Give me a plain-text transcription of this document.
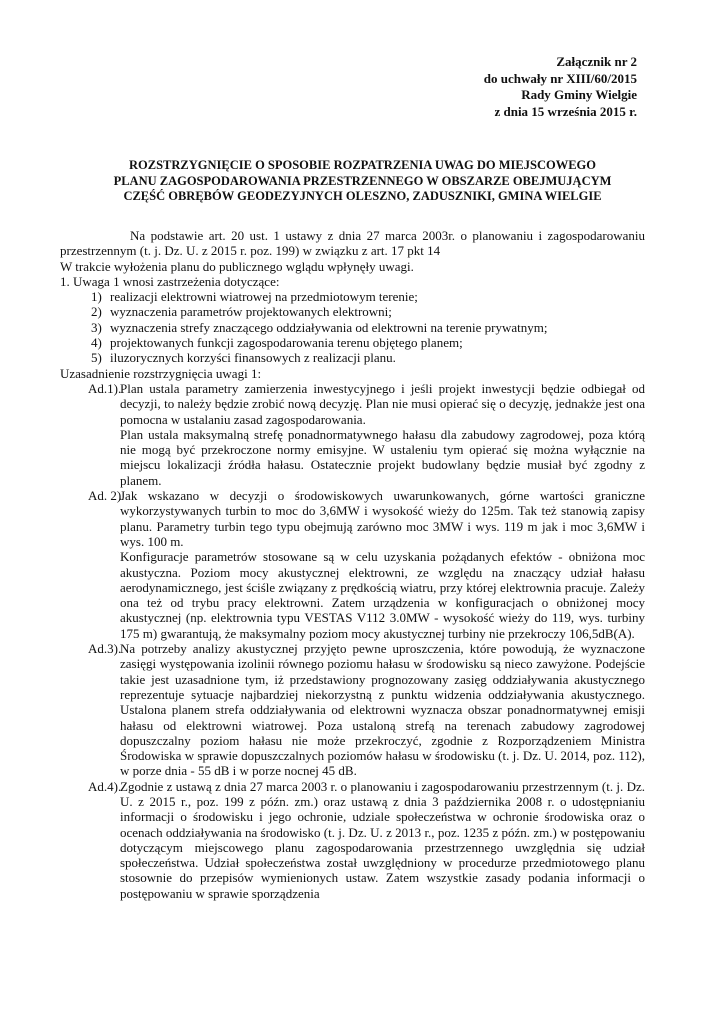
Załącznik nr 2
do uchwały nr XIII/60/2015
Rady Gminy Wielgie
z dnia 15 września 2015 r.
ROZSTRZYGNIĘCIE O SPOSOBIE ROZPATRZENIA UWAG DO MIEJSCOWEGO
PLANU ZAGOSPODAROWANIA PRZESTRZENNEGO W OBSZARZE OBEJMUJĄCYM
CZĘŚĆ OBRĘBÓW GEODEZYJNYCH OLESZNO, ZADUSZNIKI, GMINA WIELGIE

Na podstawie art. 20 ust. 1 ustawy z dnia 27 marca 2003r. o planowaniu i zagospodarowaniu przestrzennym (t. j. Dz. U. z 2015 r. poz. 199) w związku z art. 17 pkt 14

W trakcie wyłożenia planu do publicznego wglądu wpłynęły uwagi.

1. Uwaga 1 wnosi zastrzeżenia dotyczące:

1) realizacji elektrowni wiatrowej na przedmiotowym terenie;
2) wyznaczenia parametrów projektowanych elektrowni;
3) wyznaczenia strefy znaczącego oddziaływania od elektrowni na terenie prywatnym;
4) projektowanych funkcji zagospodarowania terenu objętego planem;
5) iluzorycznych korzyści finansowych z realizacji planu.

Uzasadnienie rozstrzygnięcia uwagi 1:

Ad.1).

Plan ustala parametry zamierzenia inwestycyjnego i jeśli projekt inwestycji będzie odbiegał od decyzji, to należy będzie zrobić nową decyzję. Plan nie musi opierać się o decyzję, jednakże jest ona pomocna w ustalaniu zasad zagospodarowania.

Plan ustala maksymalną strefę ponadnormatywnego hałasu dla zabudowy zagrodowej, poza którą nie mogą być przekroczone normy emisyjne. W ustaleniu tym opierać się można wyłącznie na miejscu lokalizacji źródła hałasu. Ostatecznie projekt budowlany będzie musiał być zgodny z planem.

Ad. 2).

Jak wskazano w decyzji o środowiskowych uwarunkowanych, górne wartości graniczne wykorzystywanych turbin to moc do 3,6MW i wysokość wieży do 125m. Tak też stanowią zapisy planu. Parametry turbin tego typu obejmują zarówno moc 3MW i wys. 119 m jak i moc 3,6MW i wys. 100 m.

Konfiguracje parametrów stosowane są w celu uzyskania pożądanych efektów - obniżona moc akustyczna. Poziom mocy akustycznej elektrowni, ze względu na znaczący udział hałasu aerodynamicznego, jest ściśle związany z prędkością wiatru, przy której elektrownia pracuje. Zależy ona też od trybu pracy elektrowni. Zatem urządzenia w konfiguracjach o obniżonej mocy akustycznej (np. elektrownia typu VESTAS V112 3.0MW - wysokość wieży do 119, wys. turbiny 175 m) gwarantują, że maksymalny poziom mocy akustycznej turbiny nie przekroczy 106,5dB(A).

Ad.3).

Na potrzeby analizy akustycznej przyjęto pewne uproszczenia, które powodują, że wyznaczone zasięgi występowania izolinii równego poziomu hałasu w środowisku są nieco zawyżone. Podejście takie jest uzasadnione tym, iż przedstawiony prognozowany zasięg oddziaływania akustycznego reprezentuje sytuacje najbardziej niekorzystną z punktu widzenia oddziaływania akustycznego. Ustalona planem strefa oddziaływania od elektrowni wyznacza obszar ponadnormatywnej emisji hałasu od elektrowni wiatrowej. Poza ustaloną strefą na terenach zabudowy zagrodowej dopuszczalny poziom hałasu nie może przekroczyć, zgodnie z Rozporządzeniem Ministra Środowiska w sprawie dopuszczalnych poziomów hałasu w środowisku (t. j. Dz. U. 2014, poz. 112), w porze dnia - 55 dB i w porze nocnej 45 dB.

Ad.4).

Zgodnie z ustawą z dnia 27 marca 2003 r. o planowaniu i zagospodarowaniu przestrzennym (t. j. Dz. U. z 2015 r., poz. 199 z późn. zm.) oraz ustawą z dnia 3 października 2008 r. o udostępnianiu informacji o środowisku i jego ochronie, udziale społeczeństwa w ochronie środowiska oraz o ocenach oddziaływania na środowisko (t. j. Dz. U. z 2013 r., poz. 1235 z późn. zm.) w postępowaniu dotyczącym miejscowego planu zagospodarowania przestrzennego uwzględnia się udział społeczeństwa. Udział społeczeństwa został uwzględniony w procedurze przedmiotowego planu stosownie do przepisów wymienionych ustaw. Zatem wszystkie zasady podania informacji o postępowaniu w sprawie sporządzenia
